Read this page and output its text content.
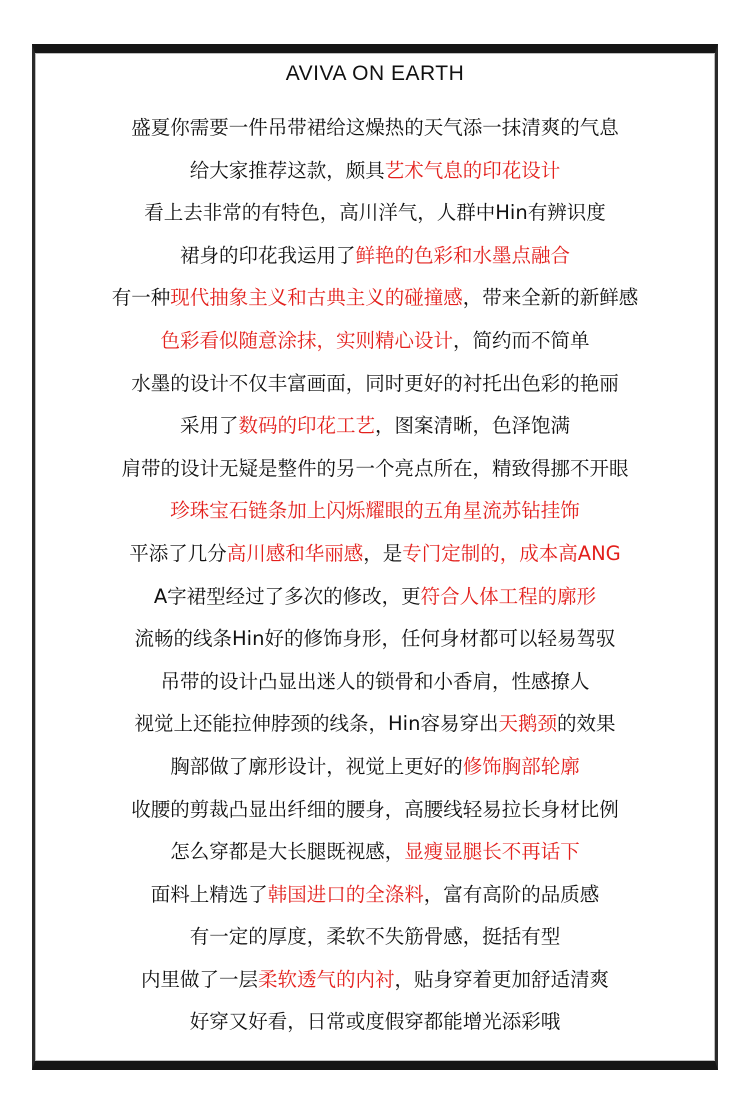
AVIVA ON EARTH
盛夏你需要一件吊带裙给这燥热的天气添一抹清爽的气息
给大家推荐这款，颇具艺术气息的印花设计
看上去非常的有特色，高川洋气，人群中Hin有辨识度
裙身的印花我运用了鲜艳的色彩和水墨点融合
有一种现代抽象主义和古典主义的碰撞感，带来全新的新鲜感
色彩看似随意涂抹，实则精心设计，简约而不简单
水墨的设计不仅丰富画面，同时更好的衬托出色彩的艳丽
采用了数码的印花工艺，图案清晰，色泽饱满
肩带的设计无疑是整件的另一个亮点所在，精致得挪不开眼
珍珠宝石链条加上闪烁耀眼的五角星流苏钻挂饰
平添了几分高川感和华丽感，是专门定制的，成本高ANG
A字裙型经过了多次的修改，更符合人体工程的廓形
流畅的线条Hin好的修饰身形，任何身材都可以轻易驾驭
吊带的设计凸显出迷人的锁骨和小香肩，性感撩人
视觉上还能拉伸脖颈的线条，Hin容易穿出天鹅颈的效果
胸部做了廓形设计，视觉上更好的修饰胸部轮廓
收腰的剪裁凸显出纤细的腰身，高腰线轻易拉长身材比例
怎么穿都是大长腿既视感，显瘦显腿长不再话下
面料上精选了韩国进口的全涤料，富有高阶的品质感
有一定的厚度，柔软不失筋骨感，挺括有型
内里做了一层柔软透气的内衬，贴身穿着更加舒适清爽
好穿又好看，日常或度假穿都能增光添彩哦
